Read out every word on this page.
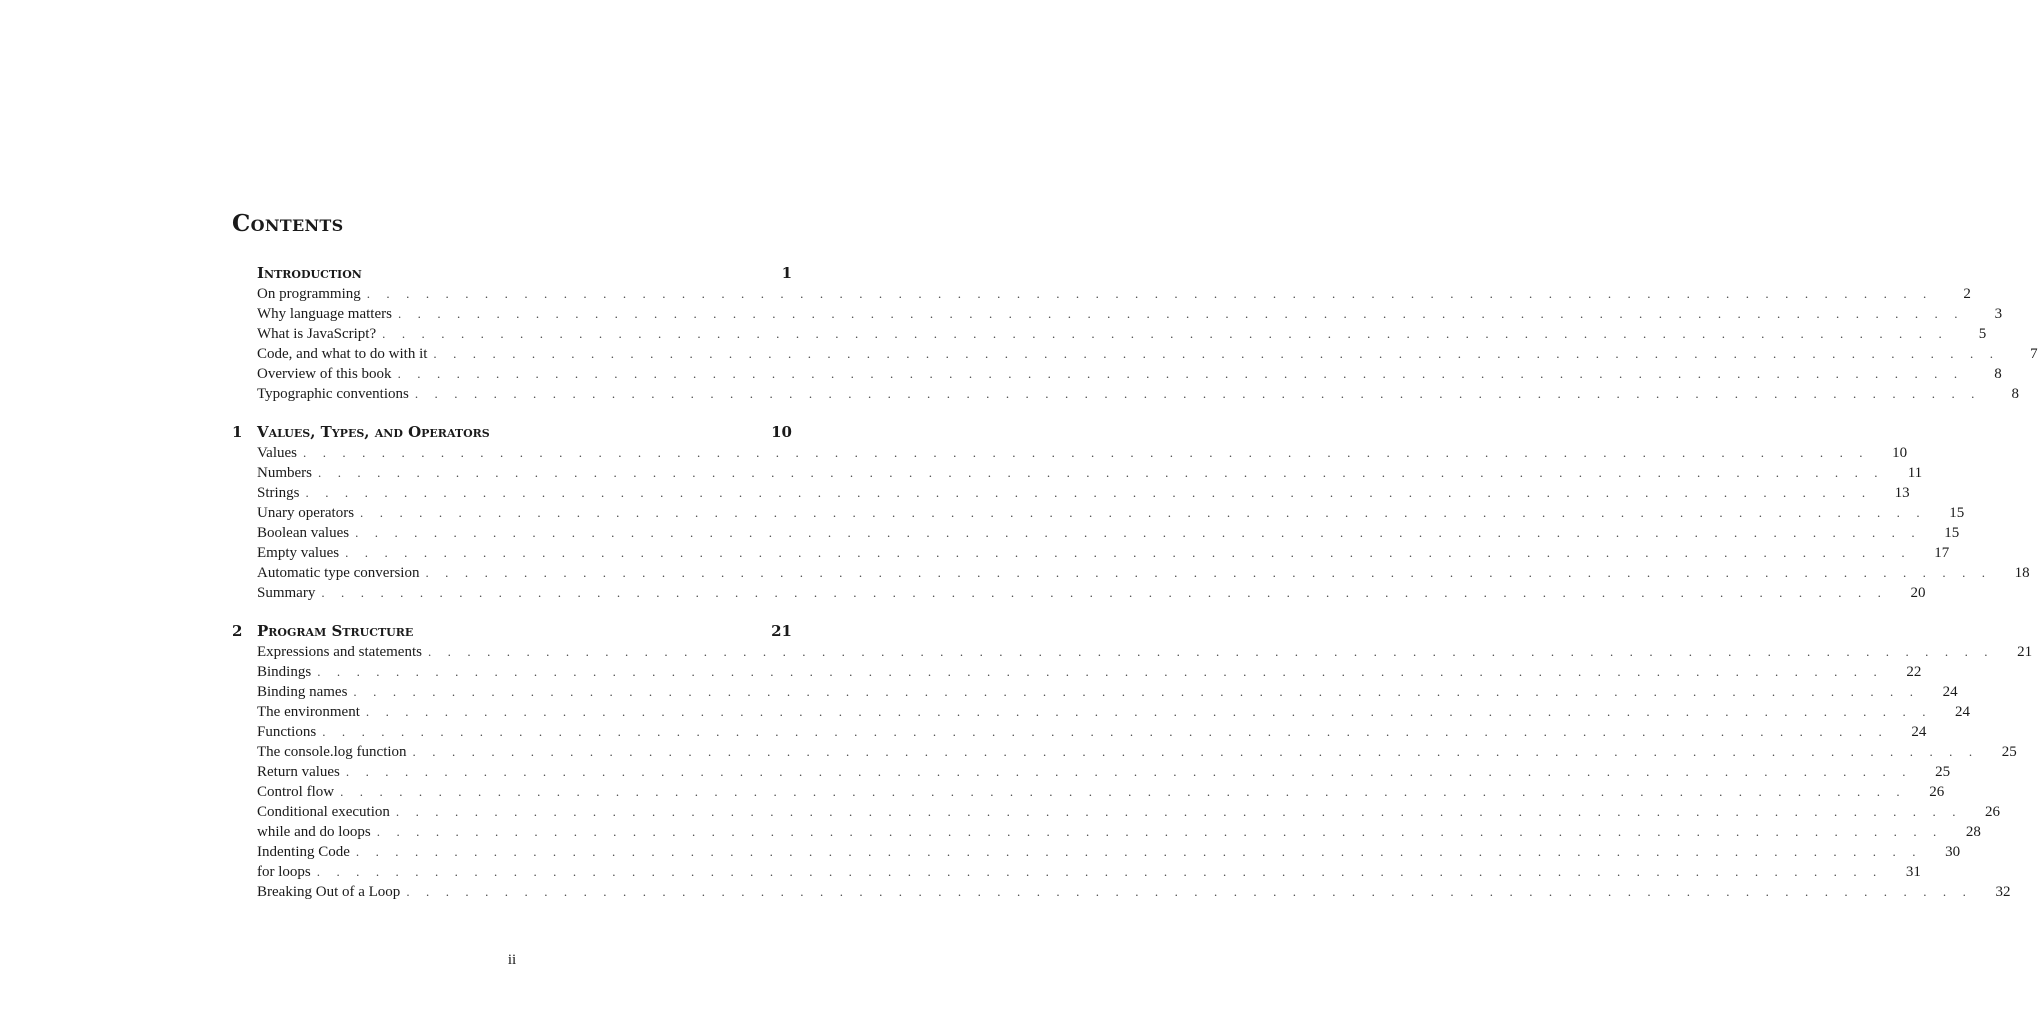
Contents
Introduction	1
On programming . . . . . . . . . . . . . . . . . . . . . . . . . . . . . . . . . . . . . . . . . . . . . . . . . . . . . . . . . . . . . . . . . . . . . . . . . . . . . . . .	2
Why language matters . . . . . . . . . . . . . . . . . . . . . . . . . . . . . . . . . . . . . . . . . . . . . . . . . . . . . . . . . . . . . . . . . . . . . . . . . . . . . . . .	3
What is JavaScript? . . . . . . . . . . . . . . . . . . . . . . . . . . . . . . . . . . . . . . . . . . . . . . . . . . . . . . . . . . . . . . . . . . . . . . . . . . . . . . . .	5
Code, and what to do with it . . . . . . . . . . . . . . . . . . . . . . . . . . . . . . . . . . . . . . . . . . . . . . . . . . . . . . . . . . . . . . . . . . . . . . . . . . . . . . . .	7
Overview of this book . . . . . . . . . . . . . . . . . . . . . . . . . . . . . . . . . . . . . . . . . . . . . . . . . . . . . . . . . . . . . . . . . . . . . . . . . . . . . . . .	8
Typographic conventions . . . . . . . . . . . . . . . . . . . . . . . . . . . . . . . . . . . . . . . . . . . . . . . . . . . . . . . . . . . . . . . . . . . . . . . . . . . . . . . .	8
1 Values, Types, and Operators	10
Values . . . . . . . . . . . . . . . . . . . . . . . . . . . . . . . . . . . . . . . . . . . . . . . . . . . . . . . . . . . . . . . . . . . . . . . . . . . . . . . .	10
Numbers . . . . . . . . . . . . . . . . . . . . . . . . . . . . . . . . . . . . . . . . . . . . . . . . . . . . . . . . . . . . . . . . . . . . . . . . . . . . . . . .	11
Strings . . . . . . . . . . . . . . . . . . . . . . . . . . . . . . . . . . . . . . . . . . . . . . . . . . . . . . . . . . . . . . . . . . . . . . . . . . . . . . . .	13
Unary operators . . . . . . . . . . . . . . . . . . . . . . . . . . . . . . . . . . . . . . . . . . . . . . . . . . . . . . . . . . . . . . . . . . . . . . . . . . . . . . . .	15
Boolean values . . . . . . . . . . . . . . . . . . . . . . . . . . . . . . . . . . . . . . . . . . . . . . . . . . . . . . . . . . . . . . . . . . . . . . . . . . . . . . . .	15
Empty values . . . . . . . . . . . . . . . . . . . . . . . . . . . . . . . . . . . . . . . . . . . . . . . . . . . . . . . . . . . . . . . . . . . . . . . . . . . . . . . .	17
Automatic type conversion . . . . . . . . . . . . . . . . . . . . . . . . . . . . . . . . . . . . . . . . . . . . . . . . . . . . . . . . . . . . . . . . . . . . . . . . . . . . . . . .	18
Summary . . . . . . . . . . . . . . . . . . . . . . . . . . . . . . . . . . . . . . . . . . . . . . . . . . . . . . . . . . . . . . . . . . . . . . . . . . . . . . . .	20
2 Program Structure	21
Expressions and statements . . . . . . . . . . . . . . . . . . . . . . . . . . . . . . . . . . . . . . . . . . . . . . . . . . . . . . . . . . . . . . . . . . . . . . . . . . . . . . . .	21
Bindings . . . . . . . . . . . . . . . . . . . . . . . . . . . . . . . . . . . . . . . . . . . . . . . . . . . . . . . . . . . . . . . . . . . . . . . . . . . . . . . .	22
Binding names . . . . . . . . . . . . . . . . . . . . . . . . . . . . . . . . . . . . . . . . . . . . . . . . . . . . . . . . . . . . . . . . . . . . . . . . . . . . . . . .	24
The environment . . . . . . . . . . . . . . . . . . . . . . . . . . . . . . . . . . . . . . . . . . . . . . . . . . . . . . . . . . . . . . . . . . . . . . . . . . . . . . . .	24
Functions . . . . . . . . . . . . . . . . . . . . . . . . . . . . . . . . . . . . . . . . . . . . . . . . . . . . . . . . . . . . . . . . . . . . . . . . . . . . . . . .	24
The console.log function . . . . . . . . . . . . . . . . . . . . . . . . . . . . . . . . . . . . . . . . . . . . . . . . . . . . . . . . . . . . . . . . . . . . . . . . . . . . . . . .	25
Return values . . . . . . . . . . . . . . . . . . . . . . . . . . . . . . . . . . . . . . . . . . . . . . . . . . . . . . . . . . . . . . . . . . . . . . . . . . . . . . . .	25
Control flow . . . . . . . . . . . . . . . . . . . . . . . . . . . . . . . . . . . . . . . . . . . . . . . . . . . . . . . . . . . . . . . . . . . . . . . . . . . . . . . .	26
Conditional execution . . . . . . . . . . . . . . . . . . . . . . . . . . . . . . . . . . . . . . . . . . . . . . . . . . . . . . . . . . . . . . . . . . . . . . . . . . . . . . . .	26
while and do loops . . . . . . . . . . . . . . . . . . . . . . . . . . . . . . . . . . . . . . . . . . . . . . . . . . . . . . . . . . . . . . . . . . . . . . . . . . . . . . . .	28
Indenting Code . . . . . . . . . . . . . . . . . . . . . . . . . . . . . . . . . . . . . . . . . . . . . . . . . . . . . . . . . . . . . . . . . . . . . . . . . . . . . . . .	30
for loops . . . . . . . . . . . . . . . . . . . . . . . . . . . . . . . . . . . . . . . . . . . . . . . . . . . . . . . . . . . . . . . . . . . . . . . . . . . . . . . .	31
Breaking Out of a Loop . . . . . . . . . . . . . . . . . . . . . . . . . . . . . . . . . . . . . . . . . . . . . . . . . . . . . . . . . . . . . . . . . . . . . . . . . . . . . . . .	32
ii
